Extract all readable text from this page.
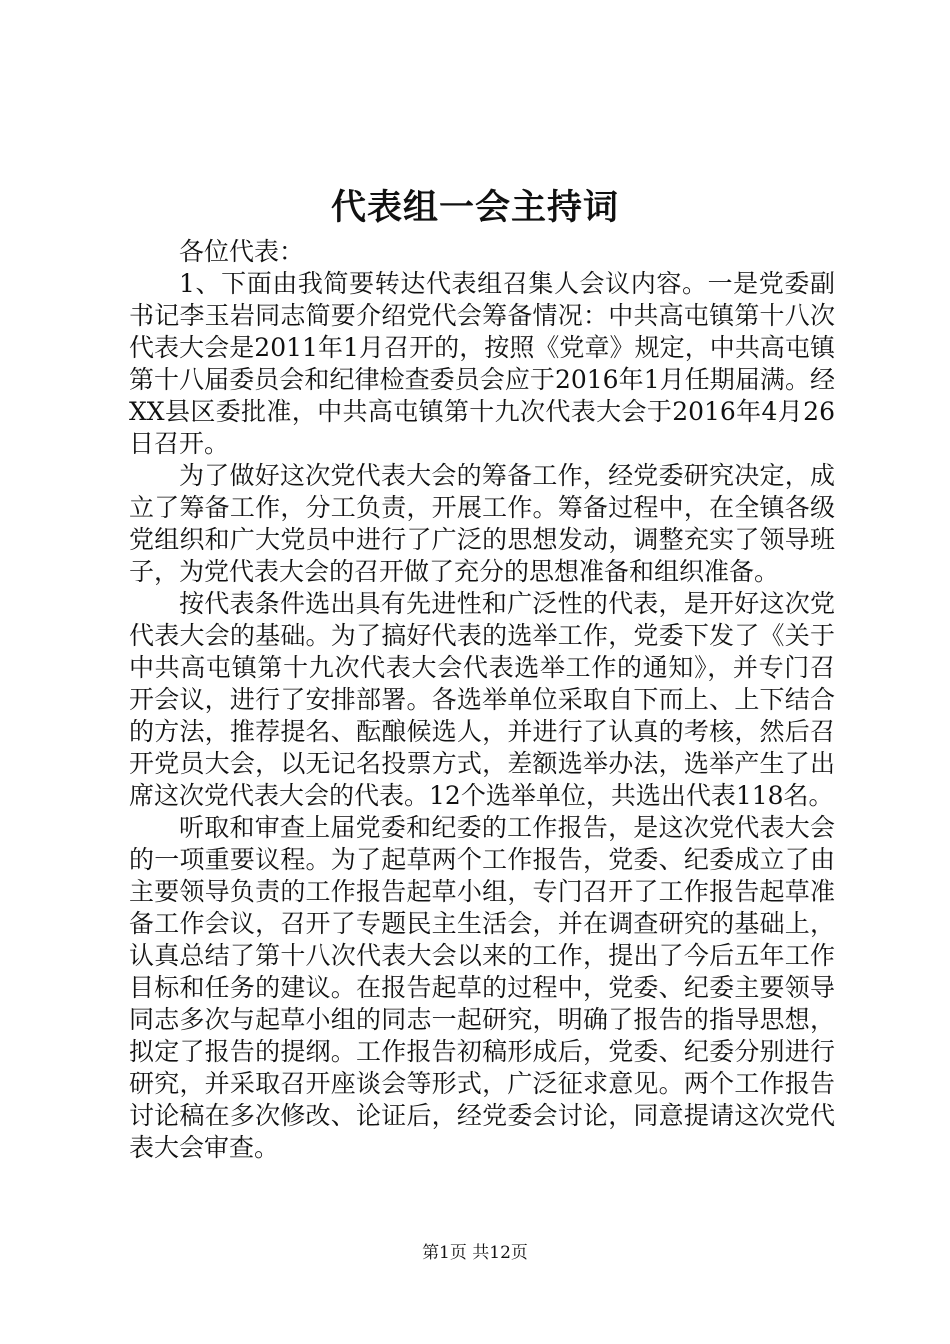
代表组一会主持词

各位代表：

1、下面由我简要转达代表组召集人会议内容。一是党委副书记李玉岩同志简要介绍党代会筹备情况：中共高屯镇第十八次代表大会是2011年1月召开的，按照《党章》规定，中共高屯镇第十八届委员会和纪律检查委员会应于2016年1月任期届满。经XX县区委批准，中共高屯镇第十九次代表大会于2016年4月26日召开。

为了做好这次党代表大会的筹备工作，经党委研究决定，成立了筹备工作，分工负责，开展工作。筹备过程中，在全镇各级党组织和广大党员中进行了广泛的思想发动，调整充实了领导班子，为党代表大会的召开做了充分的思想准备和组织准备。

按代表条件选出具有先进性和广泛性的代表，是开好这次党代表大会的基础。为了搞好代表的选举工作，党委下发了《关于中共高屯镇第十九次代表大会代表选举工作的通知》，并专门召开会议，进行了安排部署。各选举单位采取自下而上、上下结合的方法，推荐提名、酝酿候选人，并进行了认真的考核，然后召开党员大会，以无记名投票方式，差额选举办法，选举产生了出席这次党代表大会的代表。12个选举单位，共选出代表118名。

听取和审查上届党委和纪委的工作报告，是这次党代表大会的一项重要议程。为了起草两个工作报告，党委、纪委成立了由主要领导负责的工作报告起草小组，专门召开了工作报告起草准备工作会议，召开了专题民主生活会，并在调查研究的基础上，认真总结了第十八次代表大会以来的工作，提出了今后五年工作目标和任务的建议。在报告起草的过程中，党委、纪委主要领导同志多次与起草小组的同志一起研究，明确了报告的指导思想，拟定了报告的提纲。工作报告初稿形成后，党委、纪委分别进行研究，并采取召开座谈会等形式，广泛征求意见。两个工作报告讨论稿在多次修改、论证后，经党委会讨论，同意提请这次党代表大会审查。

第1页 共12页
